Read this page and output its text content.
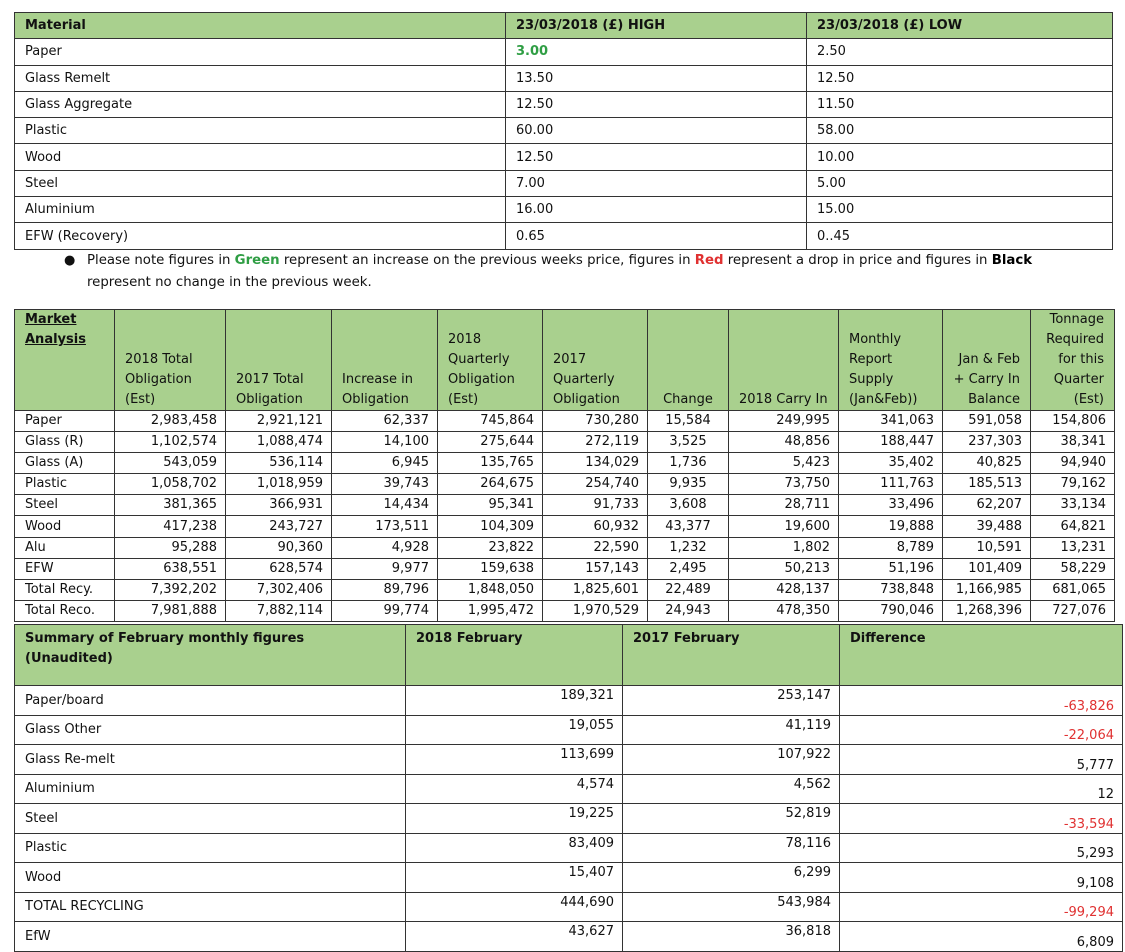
Material	23/03/2018 (£) HIGH	23/03/2018 (£) LOW
Paper	3.00	2.50
Glass Remelt	13.50	12.50
Glass Aggregate	12.50	11.50
Plastic	60.00	58.00
Wood	12.50	10.00
Steel	7.00	5.00
Aluminium	16.00	15.00
EFW (Recovery)	0.65	0..45
● Please note figures in Green represent an increase on the previous weeks price, figures in Red represent a drop in price and figures in Black represent no change in the previous week.
Market Analysis	2018 Total Obligation (Est)	2017 Total Obligation	Increase in Obligation	2018 Quarterly Obligation (Est)	2017 Quarterly Obligation	Change	2018 Carry In	Monthly Report Supply (Jan&Feb))	Jan & Feb + Carry In Balance	Tonnage Required for this Quarter (Est)
Paper	2,983,458	2,921,121	62,337	745,864	730,280	15,584	249,995	341,063	591,058	154,806
Glass (R)	1,102,574	1,088,474	14,100	275,644	272,119	3,525	48,856	188,447	237,303	38,341
Glass (A)	543,059	536,114	6,945	135,765	134,029	1,736	5,423	35,402	40,825	94,940
Plastic	1,058,702	1,018,959	39,743	264,675	254,740	9,935	73,750	111,763	185,513	79,162
Steel	381,365	366,931	14,434	95,341	91,733	3,608	28,711	33,496	62,207	33,134
Wood	417,238	243,727	173,511	104,309	60,932	43,377	19,600	19,888	39,488	64,821
Alu	95,288	90,360	4,928	23,822	22,590	1,232	1,802	8,789	10,591	13,231
EFW	638,551	628,574	9,977	159,638	157,143	2,495	50,213	51,196	101,409	58,229
Total Recy.	7,392,202	7,302,406	89,796	1,848,050	1,825,601	22,489	428,137	738,848	1,166,985	681,065
Total Reco.	7,981,888	7,882,114	99,774	1,995,472	1,970,529	24,943	478,350	790,046	1,268,396	727,076
Summary of February monthly figures (Unaudited)	2018 February	2017 February	Difference
Paper/board	189,321	253,147	-63,826
Glass Other	19,055	41,119	-22,064
Glass Re-melt	113,699	107,922	5,777
Aluminium	4,574	4,562	12
Steel	19,225	52,819	-33,594
Plastic	83,409	78,116	5,293
Wood	15,407	6,299	9,108
TOTAL RECYCLING	444,690	543,984	-99,294
EfW	43,627	36,818	6,809
